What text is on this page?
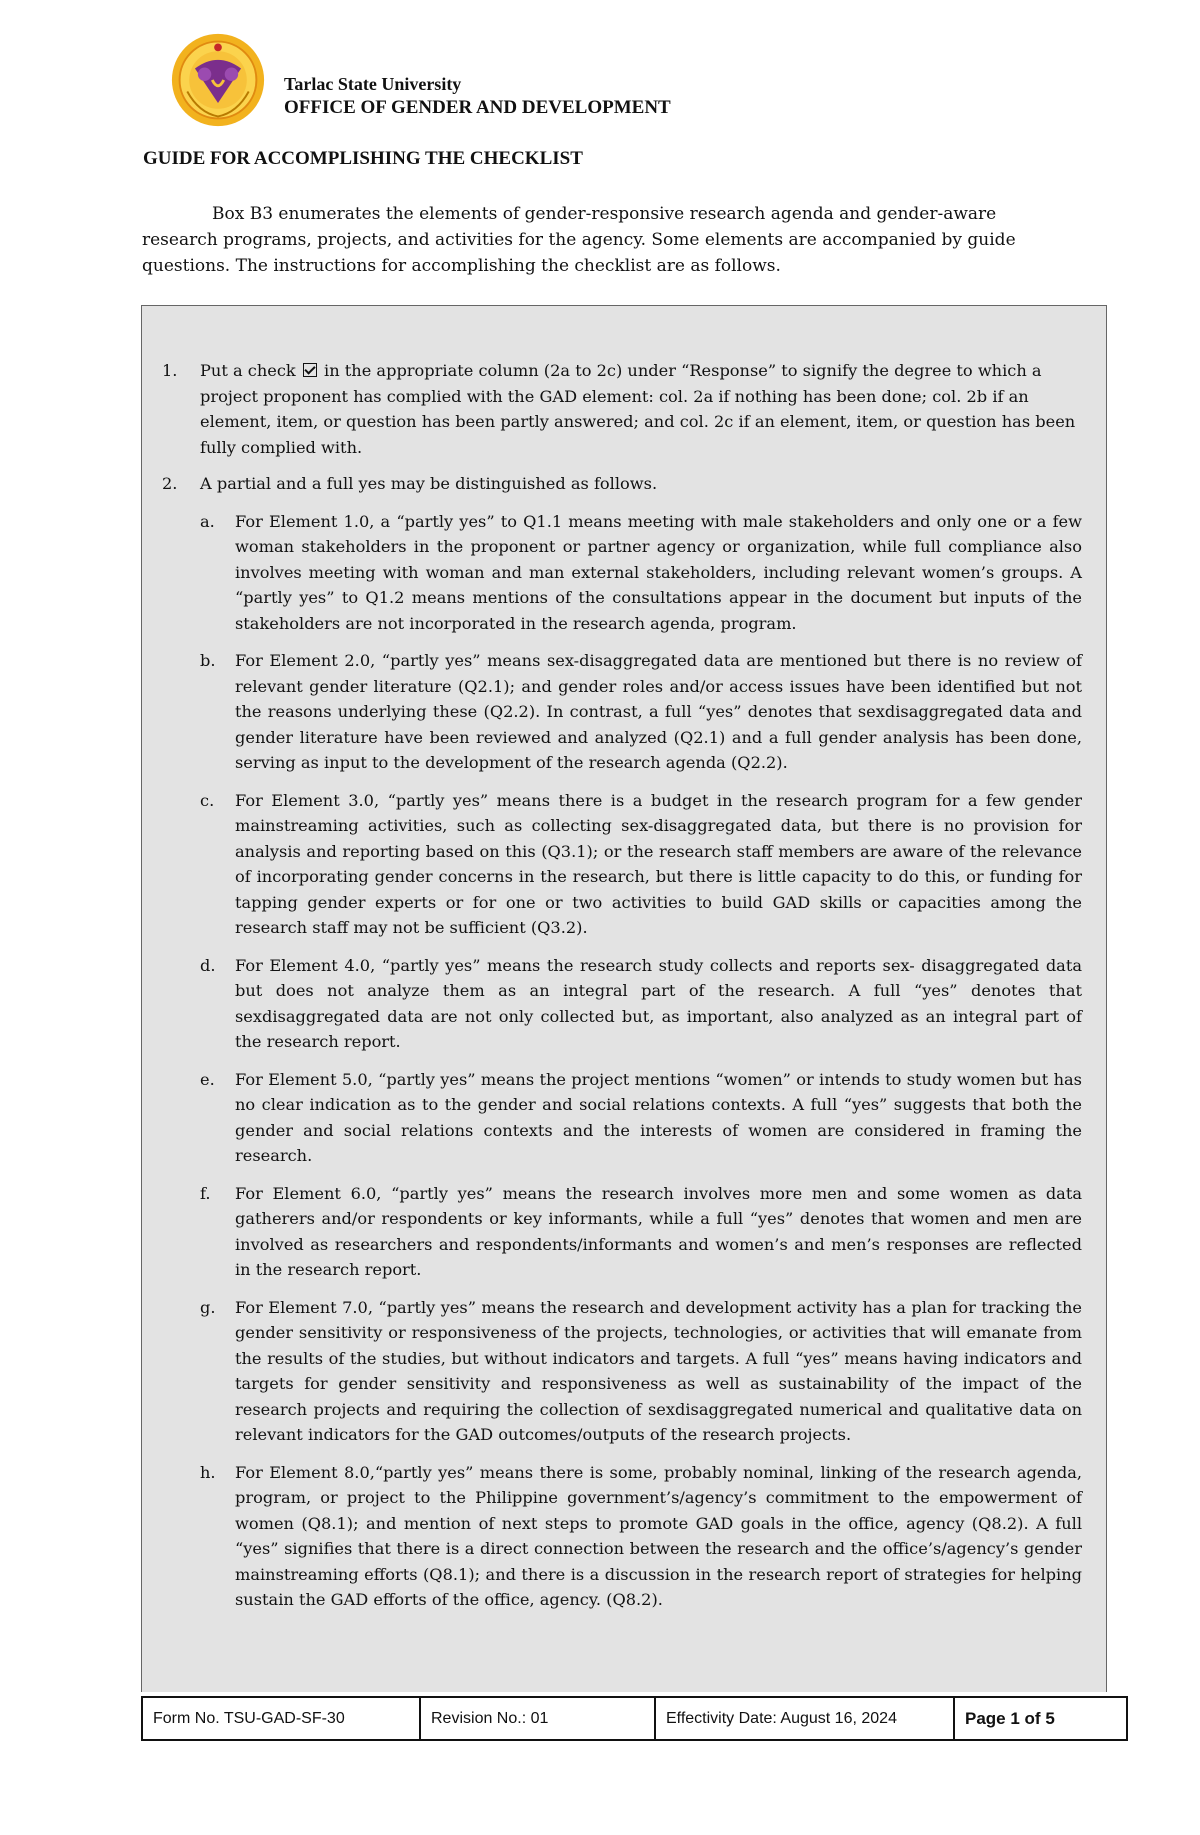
Tarlac State University
OFFICE OF GENDER AND DEVELOPMENT
GUIDE FOR ACCOMPLISHING THE CHECKLIST
Box B3 enumerates the elements of gender-responsive research agenda and gender-aware
research programs, projects, and activities for the agency. Some elements are accompanied by guide
questions. The instructions for accomplishing the checklist are as follows.
1. Put a check in the appropriate column (2a to 2c) under “Response” to signify the degree to which a project proponent has complied with the GAD element: col. 2a if nothing has been done; col. 2b if an element, item, or question has been partly answered; and col. 2c if an element, item, or question has been fully complied with.
2. A partial and a full yes may be distinguished as follows.
a. For Element 1.0, a “partly yes” to Q1.1 means meeting with male stakeholders and only one or a few woman stakeholders in the proponent or partner agency or organization, while full compliance also involves meeting with woman and man external stakeholders, including relevant women’s groups. A “partly yes” to Q1.2 means mentions of the consultations appear in the document but inputs of the stakeholders are not incorporated in the research agenda, program.
b. For Element 2.0, “partly yes” means sex-disaggregated data are mentioned but there is no review of relevant gender literature (Q2.1); and gender roles and/or access issues have been identified but not the reasons underlying these (Q2.2). In contrast, a full “yes” denotes that sexdisaggregated data and gender literature have been reviewed and analyzed (Q2.1) and a full gender analysis has been done, serving as input to the development of the research agenda (Q2.2).
c. For Element 3.0, “partly yes” means there is a budget in the research program for a few gender mainstreaming activities, such as collecting sex-disaggregated data, but there is no provision for analysis and reporting based on this (Q3.1); or the research staff members are aware of the relevance of incorporating gender concerns in the research, but there is little capacity to do this, or funding for tapping gender experts or for one or two activities to build GAD skills or capacities among the research staff may not be sufficient (Q3.2).
d. For Element 4.0, “partly yes” means the research study collects and reports sex- disaggregated data but does not analyze them as an integral part of the research. A full “yes” denotes that sexdisaggregated data are not only collected but, as important, also analyzed as an integral part of the research report.
e. For Element 5.0, “partly yes” means the project mentions “women” or intends to study women but has no clear indication as to the gender and social relations contexts. A full “yes” suggests that both the gender and social relations contexts and the interests of women are considered in framing the research.
f. For Element 6.0, “partly yes” means the research involves more men and some women as data gatherers and/or respondents or key informants, while a full “yes” denotes that women and men are involved as researchers and respondents/informants and women’s and men’s responses are reflected in the research report.
g. For Element 7.0, “partly yes” means the research and development activity has a plan for tracking the gender sensitivity or responsiveness of the projects, technologies, or activities that will emanate from the results of the studies, but without indicators and targets. A full “yes” means having indicators and targets for gender sensitivity and responsiveness as well as sustainability of the impact of the research projects and requiring the collection of sexdisaggregated numerical and qualitative data on relevant indicators for the GAD outcomes/outputs of the research projects.
h. For Element 8.0,“partly yes” means there is some, probably nominal, linking of the research agenda, program, or project to the Philippine government’s/agency’s commitment to the empowerment of women (Q8.1); and mention of next steps to promote GAD goals in the office, agency (Q8.2). A full “yes” signifies that there is a direct connection between the research and the office’s/agency’s gender mainstreaming efforts (Q8.1); and there is a discussion in the research report of strategies for helping sustain the GAD efforts of the office, agency. (Q8.2).
Form No. TSU-GAD-SF-30	Revision No.: 01	Effectivity Date: August 16, 2024	Page 1 of 5
